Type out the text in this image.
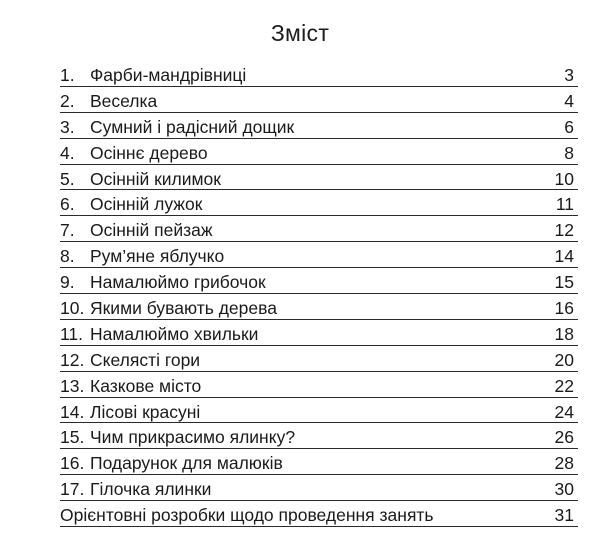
Зміст
1. Фарби-мандрівниці	3
2. Веселка	4
3. Сумний і радісний дощик	6
4. Осіннє дерево	8
5. Осінній килимок	10
6. Осінній лужок	11
7. Осінній пейзаж	12
8. Рум’яне яблучко	14
9. Намалюймо грибочок	15
10. Якими бувають дерева	16
11. Намалюймо хвильки	18
12. Скелясті гори	20
13. Казкове місто	22
14. Лісові красуні	24
15. Чим прикрасимо ялинку?	26
16. Подарунок для малюків	28
17. Гілочка ялинки	30
Орієнтовні розробки щодо проведення занять	31
